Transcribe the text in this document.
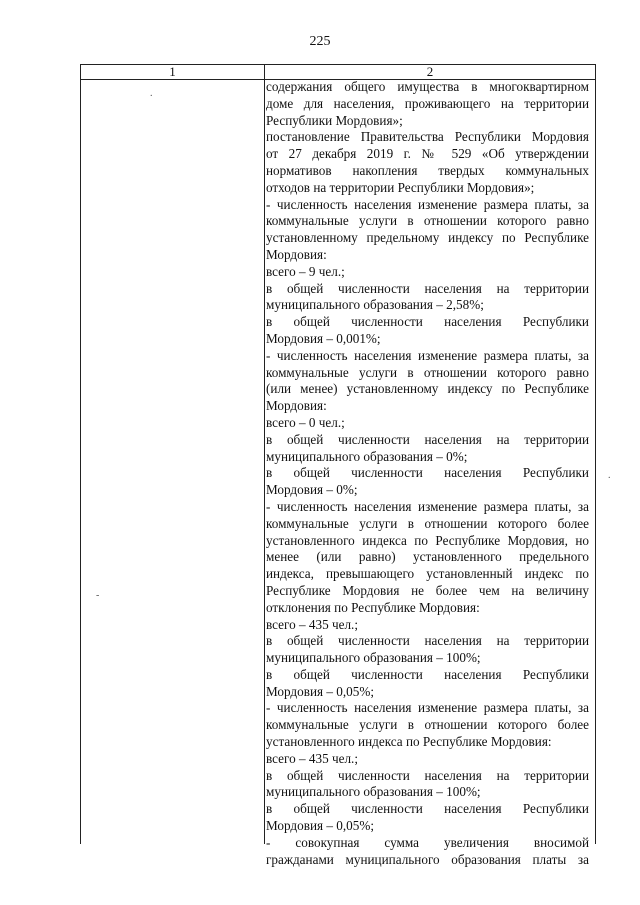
225
1	2

содержания общего имущества в многоквартирном

доме для населения, проживающего на территории

Республики Мордовия»;

постановление Правительства Республики Мордовия

от 27 декабря 2019 г. № 529 «Об утверждении

нормативов накопления твердых коммунальных

отходов на территории Республики Мордовия»;

- численность населения изменение размера платы, за

коммунальные услуги в отношении которого равно

установленному предельному индексу по Республике

Мордовия:

всего – 9 чел.;

в общей численности населения на территории

муниципального образования – 2,58%;

в общей численности населения Республики

Мордовия – 0,001%;

- численность населения изменение размера платы, за

коммунальные услуги в отношении которого равно

(или менее) установленному индексу по Республике

Мордовия:

всего – 0 чел.;

в общей численности населения на территории

муниципального образования – 0%;

в общей численности населения Республики

Мордовия – 0%;

- численность населения изменение размера платы, за

коммунальные услуги в отношении которого более

установленного индекса по Республике Мордовия, но

менее (или равно) установленного предельного

индекса, превышающего установленный индекс по

Республике Мордовия не более чем на величину

отклонения по Республике Мордовия:

всего – 435 чел.;

в общей численности населения на территории

муниципального образования – 100%;

в общей численности населения Республики

Мордовия – 0,05%;

- численность населения изменение размера платы, за

коммунальные услуги в отношении которого более

установленного индекса по Республике Мордовия:

всего – 435 чел.;

в общей численности населения на территории

муниципального образования – 100%;

в общей численности населения Республики

Мордовия – 0,05%;

- совокупная сумма увеличения вносимой

гражданами муниципального образования платы за

.
-
.
